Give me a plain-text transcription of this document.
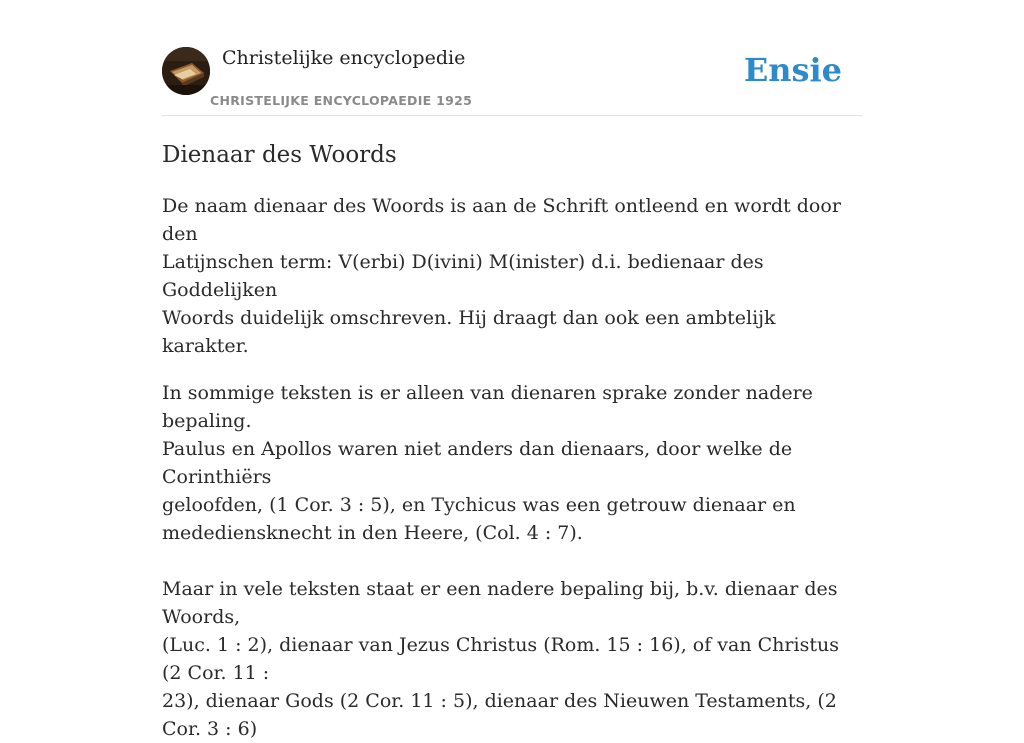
Christelijke encyclopedie
CHRISTELIJKE ENCYCLOPAEDIE 1925
Ensie
Dienaar des Woords

De naam dienaar des Woords is aan de Schrift ontleend en wordt door den
Latijnschen term: V(erbi) D(ivini) M(inister) d.i. bedienaar des Goddelijken
Woords duidelijk omschreven. Hij draagt dan ook een ambtelijk karakter.

In sommige teksten is er alleen van dienaren sprake zonder nadere bepaling.
Paulus en Apollos waren niet anders dan dienaars, door welke de Corinthiërs
geloofden, (1 Cor. 3 : 5), en Tychicus was een getrouw dienaar en
medediensknecht in den Heere, (Col. 4 : 7).

Maar in vele teksten staat er een nadere bepaling bij, b.v. dienaar des Woords,
(Luc. 1 : 2), dienaar van Jezus Christus (Rom. 15 : 16), of van Christus (2 Cor. 11 :
23), dienaar Gods (2 Cor. 11 : 5), dienaar des Nieuwen Testaments, (2 Cor. 3 : 6)
